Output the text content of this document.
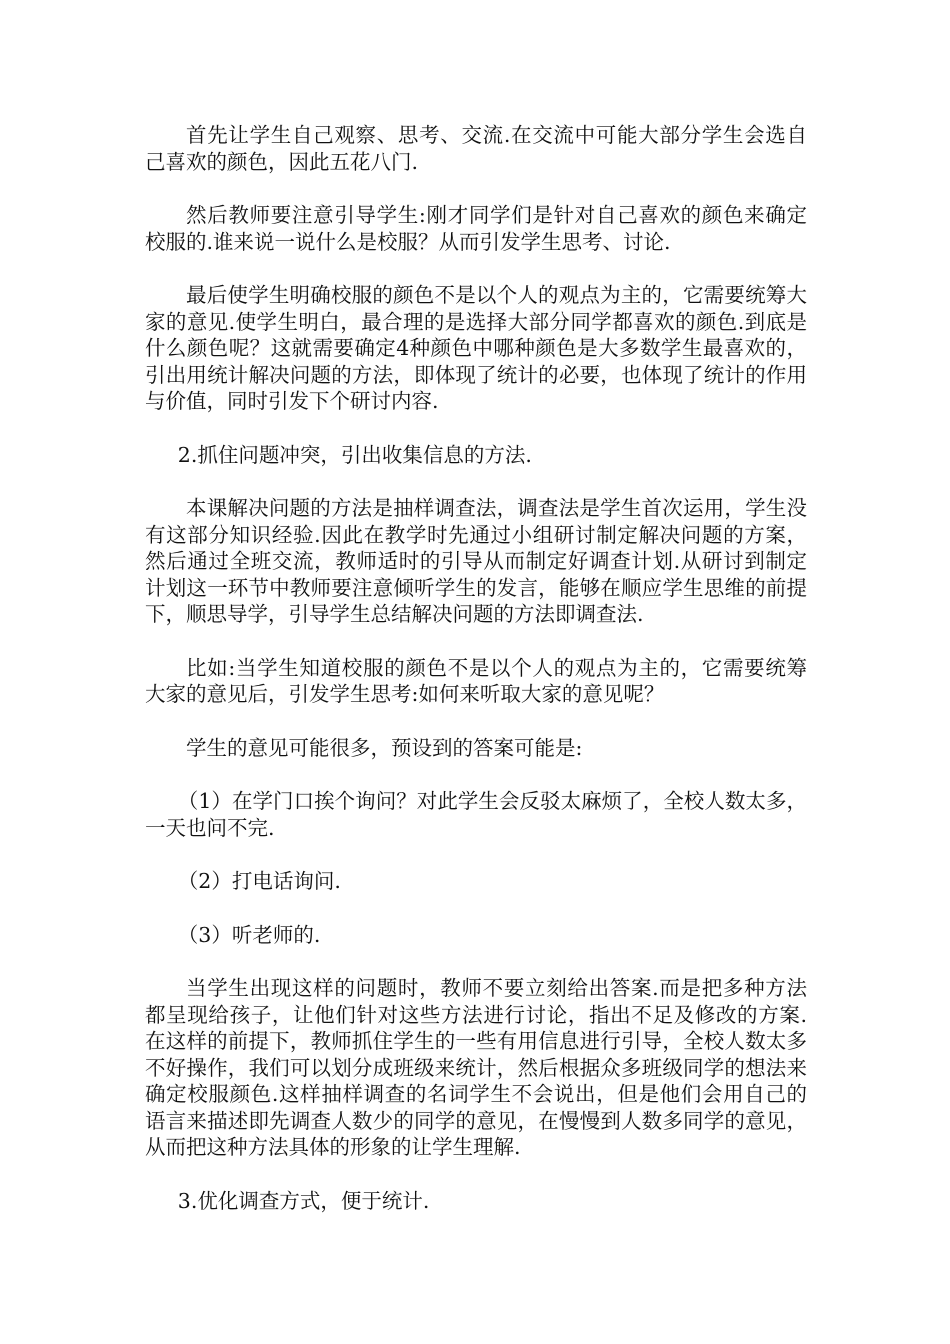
首先让学生自己观察、思考、交流.在交流中可能大部分学生会选自己喜欢的颜色，因此五花八门.

然后教师要注意引导学生:刚才同学们是针对自己喜欢的颜色来确定校服的.谁来说一说什么是校服？从而引发学生思考、讨论.

最后使学生明确校服的颜色不是以个人的观点为主的，它需要统筹大家的意见.使学生明白，最合理的是选择大部分同学都喜欢的颜色.到底是什么颜色呢？这就需要确定4种颜色中哪种颜色是大多数学生最喜欢的，引出用统计解决问题的方法，即体现了统计的必要，也体现了统计的作用与价值，同时引发下个研讨内容.

2.抓住问题冲突，引出收集信息的方法.

本课解决问题的方法是抽样调查法，调查法是学生首次运用，学生没有这部分知识经验.因此在教学时先通过小组研讨制定解决问题的方案，然后通过全班交流，教师适时的引导从而制定好调查计划.从研讨到制定计划这一环节中教师要注意倾听学生的发言，能够在顺应学生思维的前提下，顺思导学，引导学生总结解决问题的方法即调查法.

比如:当学生知道校服的颜色不是以个人的观点为主的，它需要统筹大家的意见后，引发学生思考:如何来听取大家的意见呢？

学生的意见可能很多，预设到的答案可能是:

（1）在学门口挨个询问？对此学生会反驳太麻烦了，全校人数太多，一天也问不完.

（2）打电话询问.

（3）听老师的.

当学生出现这样的问题时，教师不要立刻给出答案.而是把多种方法都呈现给孩子，让他们针对这些方法进行讨论，指出不足及修改的方案.在这样的前提下，教师抓住学生的一些有用信息进行引导，全校人数太多不好操作，我们可以划分成班级来统计，然后根据众多班级同学的想法来确定校服颜色.这样抽样调查的名词学生不会说出，但是他们会用自己的语言来描述即先调查人数少的同学的意见，在慢慢到人数多同学的意见，从而把这种方法具体的形象的让学生理解.

3.优化调查方式，便于统计.
